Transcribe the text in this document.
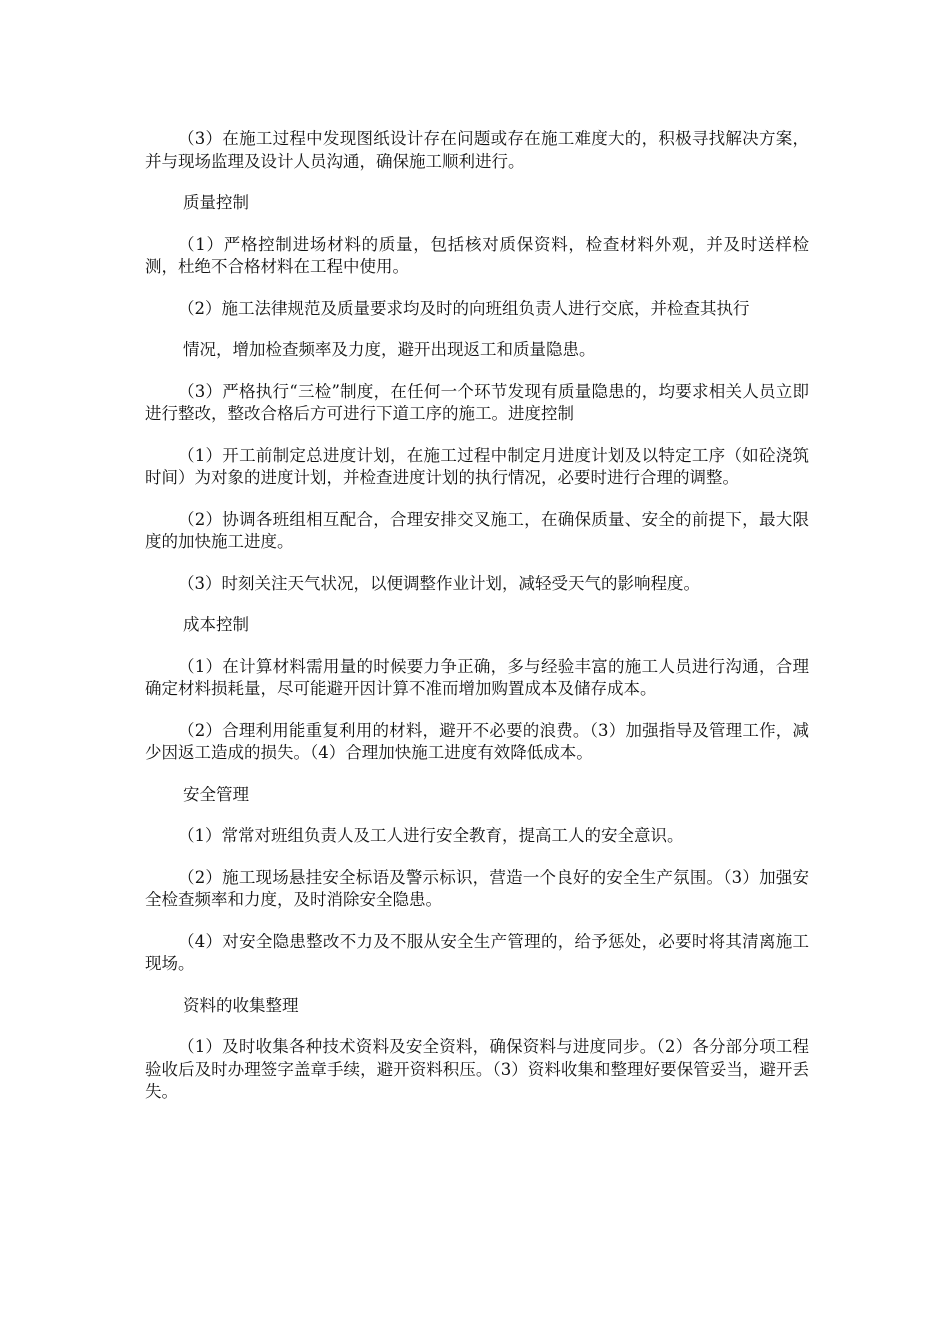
（3）在施工过程中发现图纸设计存在问题或存在施工难度大的，积极寻找解决方案，并与现场监理及设计人员沟通，确保施工顺利进行。

质量控制

（1）严格控制进场材料的质量，包括核对质保资料，检查材料外观，并及时送样检测，杜绝不合格材料在工程中使用。

（2）施工法律规范及质量要求均及时的向班组负责人进行交底，并检查其执行

情况，增加检查频率及力度，避开出现返工和质量隐患。

（3）严格执行“三检”制度，在任何一个环节发现有质量隐患的，均要求相关人员立即进行整改，整改合格后方可进行下道工序的施工。进度控制

（1）开工前制定总进度计划，在施工过程中制定月进度计划及以特定工序（如砼浇筑时间）为对象的进度计划，并检查进度计划的执行情况，必要时进行合理的调整。

（2）协调各班组相互配合，合理安排交叉施工，在确保质量、安全的前提下，最大限度的加快施工进度。

（3）时刻关注天气状况，以便调整作业计划，减轻受天气的影响程度。

成本控制

（1）在计算材料需用量的时候要力争正确，多与经验丰富的施工人员进行沟通，合理确定材料损耗量，尽可能避开因计算不准而增加购置成本及储存成本。

（2）合理利用能重复利用的材料，避开不必要的浪费。（3）加强指导及管理工作，减少因返工造成的损失。（4）合理加快施工进度有效降低成本。

安全管理

（1）常常对班组负责人及工人进行安全教育，提高工人的安全意识。

（2）施工现场悬挂安全标语及警示标识，营造一个良好的安全生产氛围。（3）加强安全检查频率和力度，及时消除安全隐患。

（4）对安全隐患整改不力及不服从安全生产管理的，给予惩处，必要时将其清离施工现场。

资料的收集整理

（1）及时收集各种技术资料及安全资料，确保资料与进度同步。（2）各分部分项工程验收后及时办理签字盖章手续，避开资料积压。（3）资料收集和整理好要保管妥当，避开丢失。
